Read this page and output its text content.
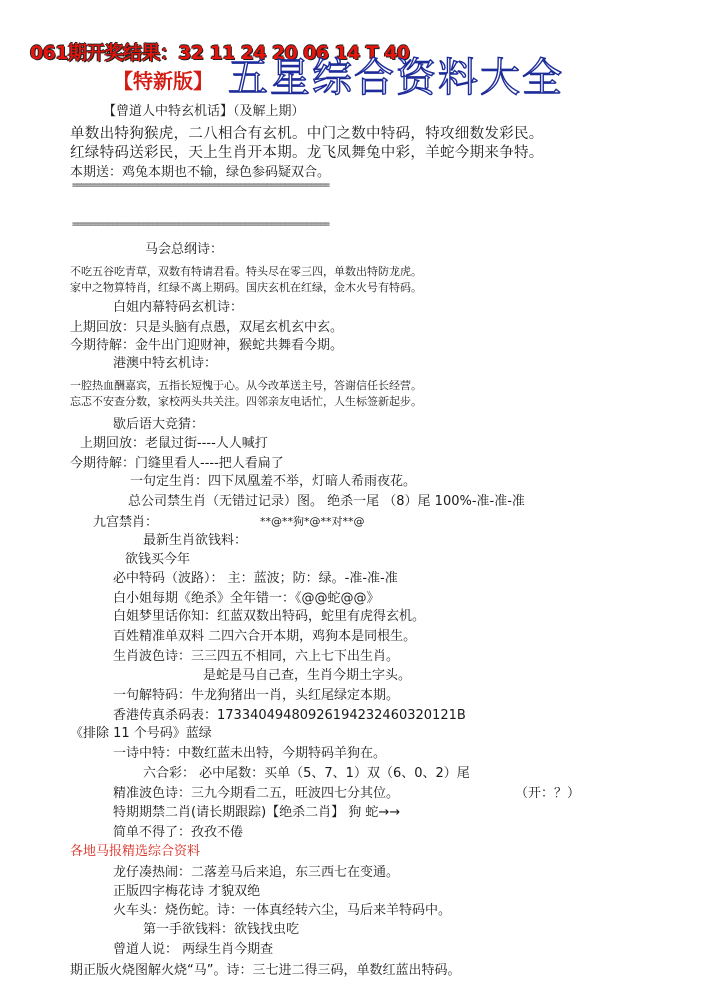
061期开奖结果：32 11 24 20 06 14 T 40
【特新版】 五星综合资料大全
【曾道人中特玄机话】（及解上期）
单数出特狗猴虎，二八相合有玄机。中门之数中特码，特攻细数发彩民。
红绿特码送彩民，天上生肖开本期。龙飞凤舞兔中彩，羊蛇今期来争特。
本期送：鸡兔本期也不输，绿色参码疑双合。
==========================================================
==========================================================
马会总纲诗：
不吃五谷吃青草，双数有特请君看。特头尽在零三四，单数出特防龙虎。
家中之物算特肖，红绿不离上期码。国庆玄机在红绿，金木火号有特码。
白姐内幕特码玄机诗：
上期回放：只是头脑有点愚，双尾玄机玄中玄。
今期待解：金牛出门迎财神，猴蛇共舞看今期。
港澳中特玄机诗：
一腔热血酬嘉宾，五指长短愧于心。从今改革送主号，答谢信任长经营。
忘忑不安查分数，家校两头共关注。四邻亲友电话忙，人生标签新起步。
歇后语大竞猜：
上期回放：老鼠过街----人人喊打
今期待解：门缝里看人----把人看扁了
一句定生肖：四下凤凰羞不举，灯暗人希雨夜花。
总公司禁生肖（无错过记录）图。 绝杀一尾 （8）尾 100%-准-准-准
九宫禁肖：	**@**狗*@**对**@
最新生肖欲钱料：
欲钱买今年
必中特码（波路）： 主：蓝波；防：绿。-准-准-准
白小姐每期《绝杀》全年错一：《@@蛇@@》
白姐梦里话你知：红蓝双数出特码，蛇里有虎得玄机。
百姓精准单双料 二四六合开本期，鸡狗本是同根生。
生肖波色诗：三三四五不相同，六上七下出生肖。
是蛇是马自己查，生肖今期土字头。
一句解特码：牛龙狗猪出一肖，头红尾绿定本期。
香港传真杀码表：17334049480926194232460320121B
《排除 11 个号码》蓝绿
一诗中特：中数红蓝未出特，今期特码羊狗在。
六合彩： 必中尾数：买单（5、7、1）双（6、0、2）尾
精准波色诗：三九今期看二五，旺波四七分其位。	（开：？）
特期期禁二肖(请长期跟踪)【绝杀二肖】 狗 蛇→→
简单不得了：孜孜不倦
各地马报精选综合资料
龙仔凑热闹：二落差马后来追，东三西七在变通。
正版四字梅花诗 才貌双绝
火车头：烧伤蛇。诗：一体真经转六尘，马后来羊特码中。
第一手欲钱料：欲钱找虫吃
曾道人说： 两绿生肖今期查
期正版火烧图解火烧“马”。诗：三七进二得三码，单数红蓝出特码。
